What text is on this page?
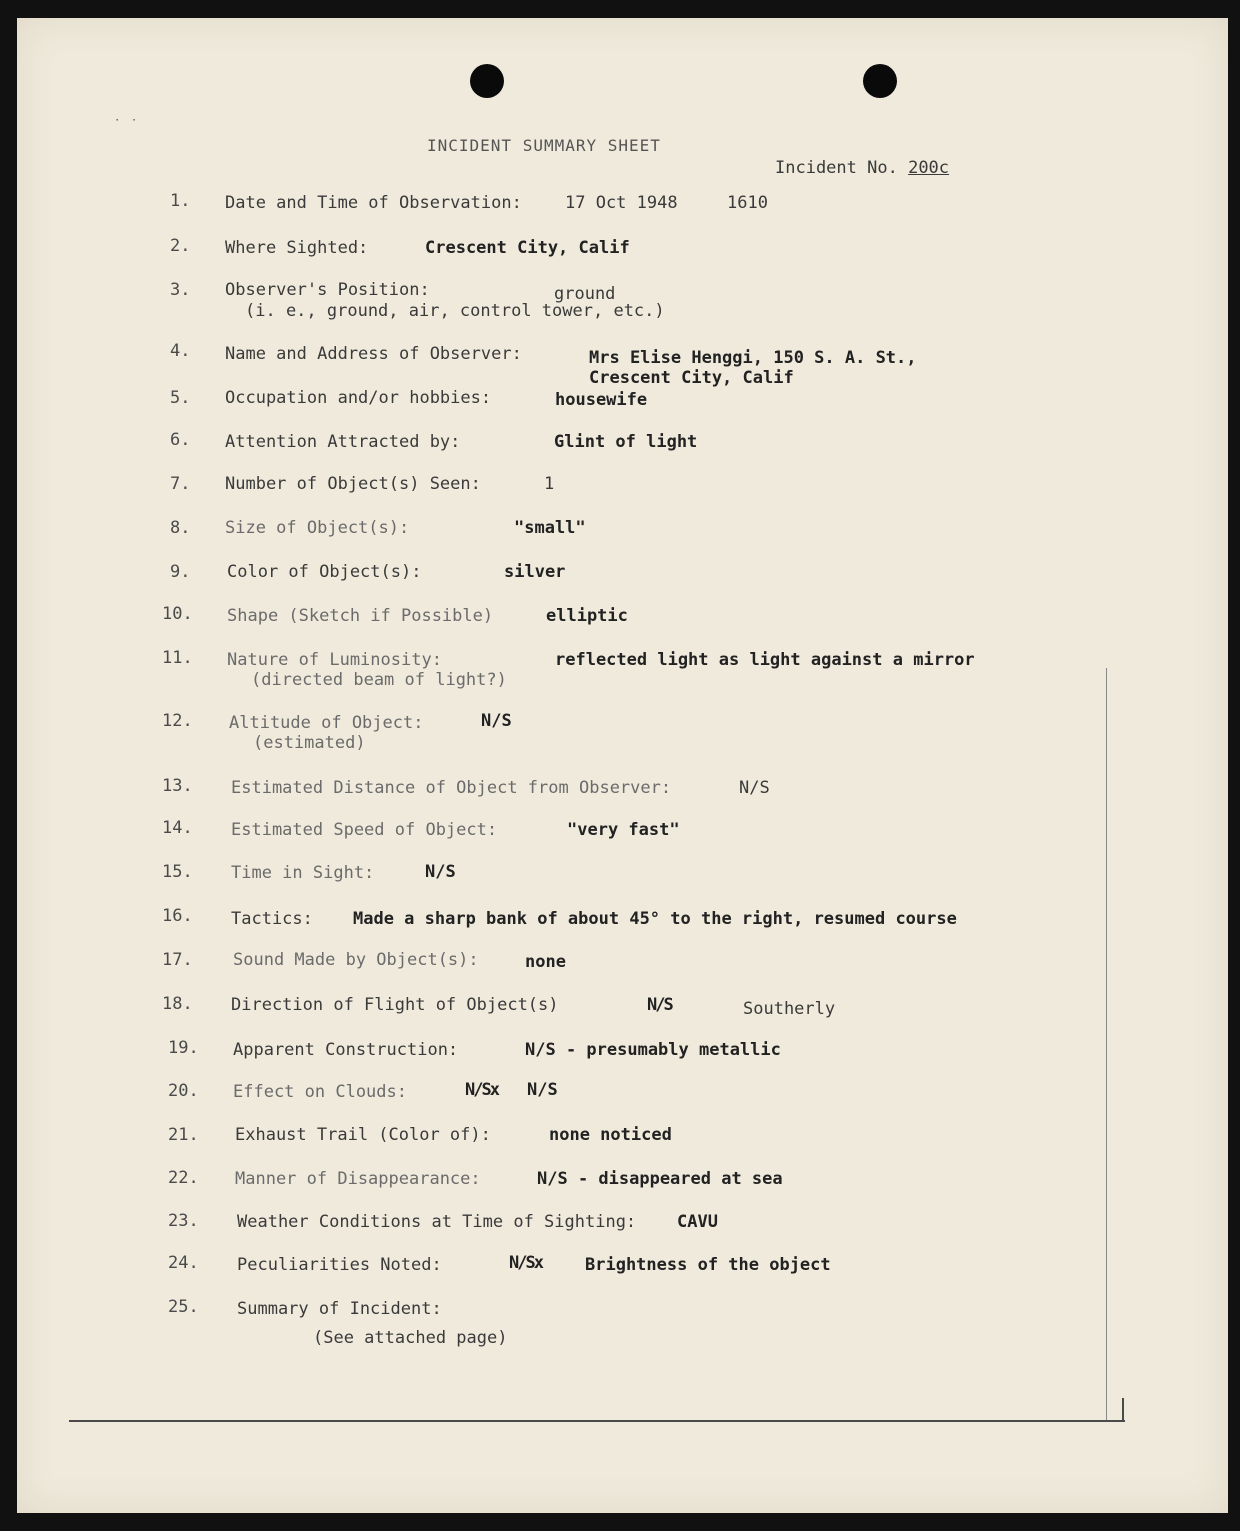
INCIDENT SUMMARY SHEET
Incident No. 200c
1. Date and Time of Observation:	17 Oct 1948	1610
2. Where Sighted:	Crescent City, Calif
3. Observer's Position:	ground
(i. e., ground, air, control tower, etc.)
4. Name and Address of Observer:	Mrs Elise Henggi, 150 S. A. St.,
Crescent City, Calif
5. Occupation and/or hobbies:	housewife
6. Attention Attracted by:	Glint of light
7. Number of Object(s) Seen:	1
8. Size of Object(s):	"small"
9. Color of Object(s):	silver
10. Shape (Sketch if Possible)	elliptic
11. Nature of Luminosity:	reflected light as light against a mirror
(directed beam of light?)
12. Altitude of Object:	N/S
(estimated)
13. Estimated Distance of Object from Observer:	N/S
14. Estimated Speed of Object:	"very fast"
15. Time in Sight:	N/S
16. Tactics: Made a sharp bank of about 45° to the right, resumed course
17. Sound Made by Object(s):	none
18. Direction of Flight of Object(s)	N/S	Southerly
19. Apparent Construction:	N/S - presumably metallic
20. Effect on Clouds:	N/Sx N/S
21. Exhaust Trail (Color of):	none noticed
22. Manner of Disappearance:	N/S - disappeared at sea
23. Weather Conditions at Time of Sighting: CAVU
24. Peculiarities Noted:	N/Sx	Brightness of the object
25. Summary of Incident:
(See attached page)
˙ ˙
